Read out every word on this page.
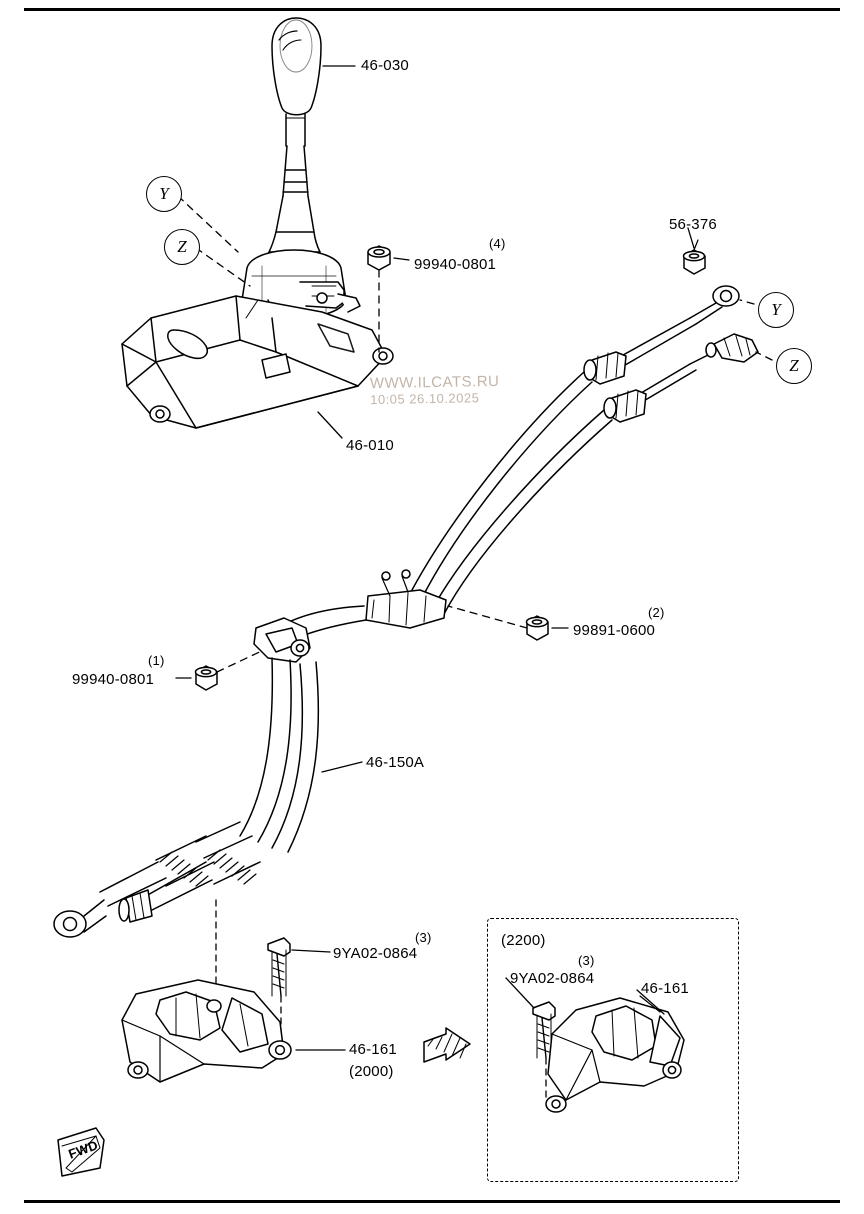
46-030
(4)
99940-0801
56-376
46-010
(2)
99891-0600
(1)
99940-0801
46-150A
(3)
9YA02-0864
46-161
(2000)
(2200)
(3)
9YA02-0864
46-161
Y
Z
Y
Z
FWD
WWW.ILCATS.RU
10:05 26.10.2025
